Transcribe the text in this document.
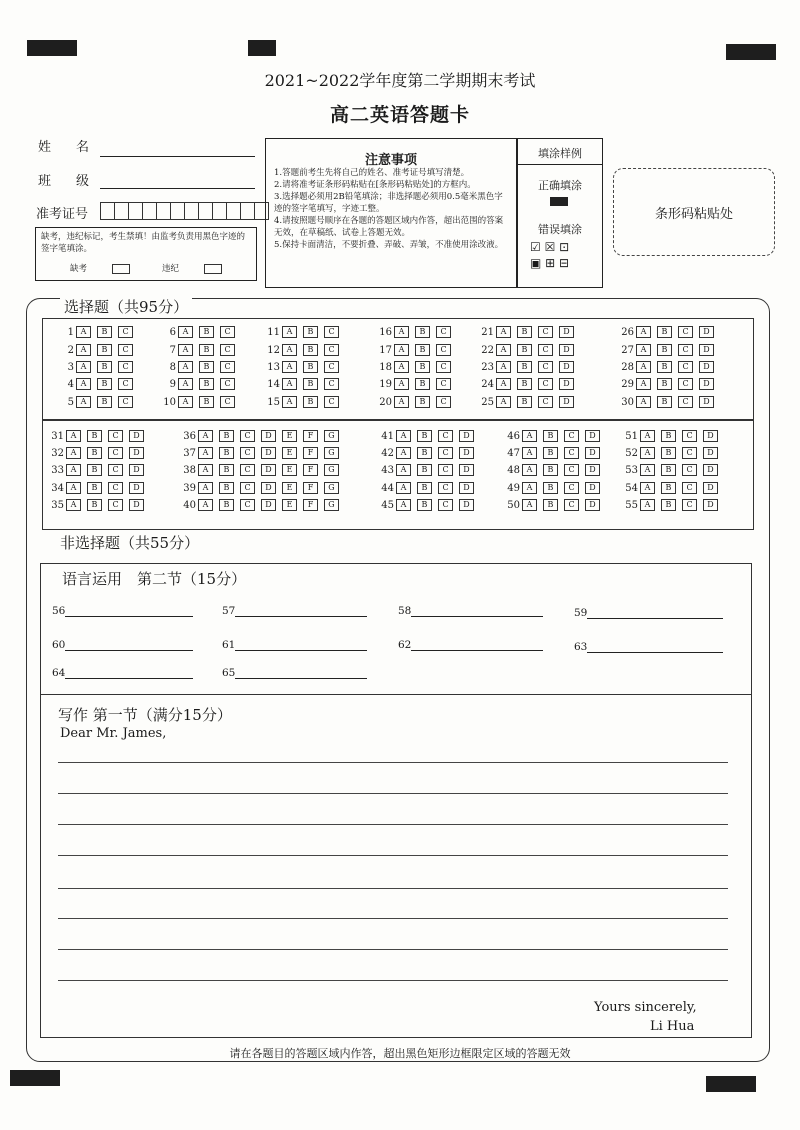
2021~2022学年度第二学期期末考试
高二英语答题卡
姓　名
班　级
准考证号
缺考，违纪标记，考生禁填！由监考负责用黑色字迹的签字笔填涂。
缺考	违纪
注意事项
1.答题前考生先将自己的姓名、准考证号填写清楚。
2.请将准考证条形码粘贴在[条形码粘贴处]的方框内。
3.选择题必须用2B铅笔填涂；非选择题必须用0.5毫米黑色字迹的签字笔填写，字迹工整。
4.请按照题号顺序在各题的答题区域内作答，超出范围的答案无效，在草稿纸、试卷上答题无效。
5.保持卡面清洁，不要折叠、弄破、弄皱，不准使用涂改液。
填涂样例
正确填涂
错误填涂
☑ ☒ ⊡
▣ ⊞ ⊟
条形码粘贴处
选择题（共95分）
1 A	B	C
2 A	B	C
3 A	B	C
4 A	B	C
5 A	B	C
6 A	B	C
7 A	B	C
8 A	B	C
9 A	B	C
10 A	B	C
11 A	B	C
12 A	B	C
13 A	B	C
14 A	B	C
15 A	B	C
16 A	B	C
17 A	B	C
18 A	B	C
19 A	B	C
20 A	B	C
21 A	B	C	D
22 A	B	C	D
23 A	B	C	D
24 A	B	C	D
25 A	B	C	D
26 A	B	C	D
27 A	B	C	D
28 A	B	C	D
29 A	B	C	D
30 A	B	C	D
31 A	B	C	D
32 A	B	C	D
33 A	B	C	D
34 A	B	C	D
35 A	B	C	D
36 A	B	C	D	E	F	G
37 A	B	C	D	E	F	G
38 A	B	C	D	E	F	G
39 A	B	C	D	E	F	G
40 A	B	C	D	E	F	G
41 A	B	C	D
42 A	B	C	D
43 A	B	C	D
44 A	B	C	D
45 A	B	C	D
46 A	B	C	D
47 A	B	C	D
48 A	B	C	D
49 A	B	C	D
50 A	B	C	D
51 A	B	C	D
52 A	B	C	D
53 A	B	C	D
54 A	B	C	D
55 A	B	C	D
非选择题（共55分）
语言运用　第二节（15分）
56	57	58	59
60	61	62	63
64	65
写作 第一节（满分15分）
Dear Mr. James,
Yours sincerely,
Li Hua
请在各题目的答题区域内作答，超出黑色矩形边框限定区域的答题无效
